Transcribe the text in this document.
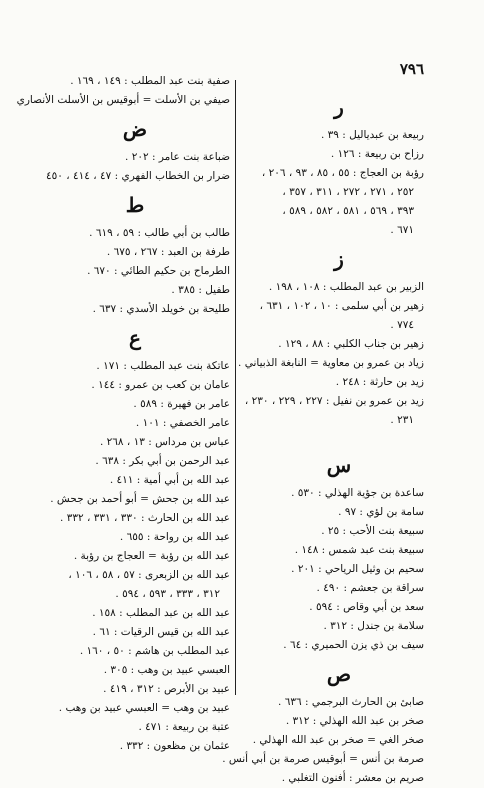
٧٩٦
ر
ربيعة بن عبدياليل : ٣٩ .
رزاح بن ربيعة : ١٢٦ .
رؤبة بن العجاج : ٥٥ ، ٨٥ ، ٩٣ ، ٢٠٦ ،
٢٥٢ ، ٢٧١ ، ٢٧٢ ، ٣١١ ، ٣٥٧ ،
٣٩٣ ، ٥٦٩ ، ٥٨١ ، ٥٨٢ ، ٥٨٩ ،
٦٧١ .
ز
الزبير بن عبد المطلب : ١٠٨ ، ١٩٨ .
زهير بن أبي سلمى : ١٠ ، ١٠٢ ، ٦٣١ ،
٧٧٤ .
زهير بن جناب الكلبي : ٨٨ ، ١٢٩ .
زياد بن عمرو بن معاوية = النابغة الذبياني .
زيد بن حارثة : ٢٤٨ .
زيد بن عمرو بن نفيل : ٢٢٧ ، ٢٢٩ ، ٢٣٠ ،
٢٣١ .
س
ساعدة بن جؤية الهذلي : ٥٣٠ .
سامة بن لؤي : ٩٧ .
سبيعة بنت الأحب : ٢٥ .
سبيعة بنت عبد شمس : ١٤٨ .
سحيم بن وثيل الرياحي : ٢٠١ .
سراقة بن جعشم : ٤٩٠ .
سعد بن أبي وقاص : ٥٩٤ .
سلامة بن جندل : ٣١٢ .
سيف بن ذي يزن الحميري : ٦٤ .
ص
صابئ بن الحارث البرجمي : ٦٣٦ .
صخر بن عبد الله الهذلي : ٣١٢ .
صخر الغي = صخر بن عبد الله الهذلي .
صرمة بن أنس = أبوقيس صرمة بن أبي أنس .
صريم بن معشر : أفنون التغلبي .
صفية بنت عبد المطلب : ١٤٩ ، ١٦٩ .
صيفي بن الأسلت = أبوقيس بن الأسلت الأنصاري
ض
ضباعة بنت عامر : ٢٠٢ .
ضرار بن الخطاب الفهري : ٤٧ ، ٤١٤ ، ٤٥٠
ط
طالب بن أبي طالب : ٥٩ ، ٦١٩ .
طرفة بن العبد : ٢٦٧ ، ٦٧٥ .
الطرماح بن حكيم الطائي : ٦٧٠ .
طفيل : ٣٨٥ .
طليحة بن خويلد الأسدي : ٦٣٧ .
ع
عاتكة بنت عبد المطلب : ١٧١ .
عامان بن كعب بن عمرو : ١٤٤ .
عامر بن فهيرة : ٥٨٩ .
عامر الخصفي : ١٠١ .
عباس بن مرداس : ١٣ ، ٢٦٨ .
عبد الرحمن بن أبي بكر : ٦٣٨ .
عبد الله بن أبي أمية : ٤١١ .
عبد الله بن جحش = أبو أحمد بن جحش .
عبد الله بن الحارث : ٣٣٠ ، ٣٣١ ، ٣٣٢ .
عبد الله بن رواحة : ٦٥٥ .
عبد الله بن رؤبة = العجاج بن رؤبة .
عبد الله بن الزبعرى : ٥٧ ، ٥٨ ، ١٠٦ ،
٣١٢ ، ٣٣٣ ، ٥٩٣ ، ٥٩٤ .
عبد الله بن عبد المطلب : ١٥٨ .
عبد الله بن قيس الرقيات : ٦١ .
عبد المطلب بن هاشم : ٥٠ ، ١٦٠ .
العبسي عبيد بن وهب : ٣٠٥ .
عبيد بن الأبرص : ٣١٢ ، ٤١٩ .
عبيد بن وهب = العبسي عبيد بن وهب .
عتبة بن ربيعة : ٤٧١ .
عثمان بن مظعون : ٣٣٢ .
